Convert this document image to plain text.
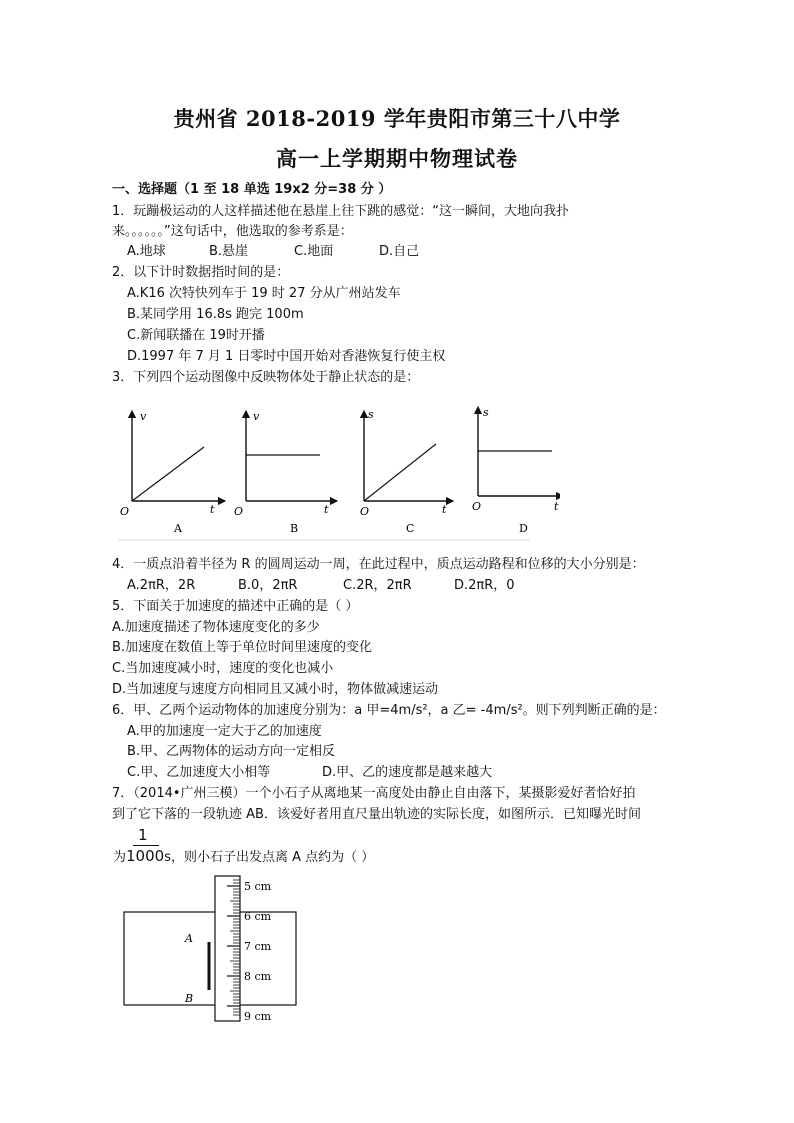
贵州省 2018-2019 学年贵阳市第三十八中学
高一上学期期中物理试卷
一、选择题（1 至 18 单选 19x2 分=38 分 ）
1．玩蹦极运动的人这样描述他在悬崖上往下跳的感觉：“这一瞬间，大地向我扑
来。。。。。。”这句话中，他选取的参考系是：
A.地球	B.悬崖	C.地面	D.自己
2．以下计时数据指时间的是：
A.K16 次特快列车于 19 时 27 分从广州站发车
B.某同学用 16.8s 跑完 100m
C.新闻联播在 19时开播
D.1997 年 7 月 1 日零时中国开始对香港恢复行使主权
3．下列四个运动图像中反映物体处于静止状态的是：
v
t
O
A
v
t
O
B
s
t
O
C
s
t
O
D
4．一质点沿着半径为 R 的圆周运动一周，在此过程中，质点运动路程和位移的大小分别是：
A.2πR，2R	B.0，2πR	C.2R，2πR	D.2πR，0
5．下面关于加速度的描述中正确的是（ ）
A.加速度描述了物体速度变化的多少
B.加速度在数值上等于单位时间里速度的变化
C.当加速度减小时，速度的变化也减小
D.当加速度与速度方向相同且又减小时，物体做减速运动
6．甲、乙两个运动物体的加速度分别为：a 甲=4m/s²，a 乙= -4m/s²。则下列判断正确的是：
A.甲的加速度一定大于乙的加速度
B.甲、乙两物体的运动方向一定相反
C.甲、乙加速度大小相等	D.甲、乙的速度都是越来越大
7．（2014•广州三模）一个小石子从离地某一高度处由静止自由落下，某摄影爱好者恰好拍
到了它下落的一段轨迹 AB．该爱好者用直尺量出轨迹的实际长度，如图所示．已知曝光时间
1
为1000s，则小石子出发点离 A 点约为（ ）
5 cm
6 cm
7 cm
8 cm
9 cm
A
B
